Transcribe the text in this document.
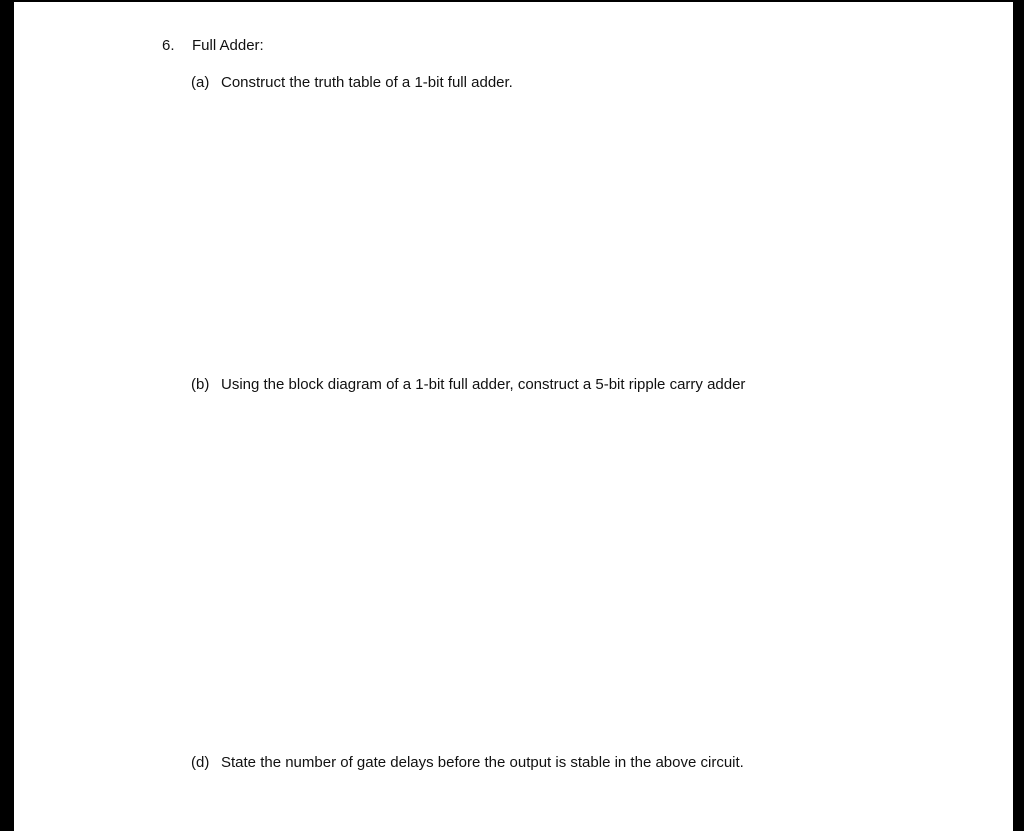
6. Full Adder:
(a) Construct the truth table of a 1-bit full adder.
(b) Using the block diagram of a 1-bit full adder, construct a 5-bit ripple carry adder
(d) State the number of gate delays before the output is stable in the above circuit.
